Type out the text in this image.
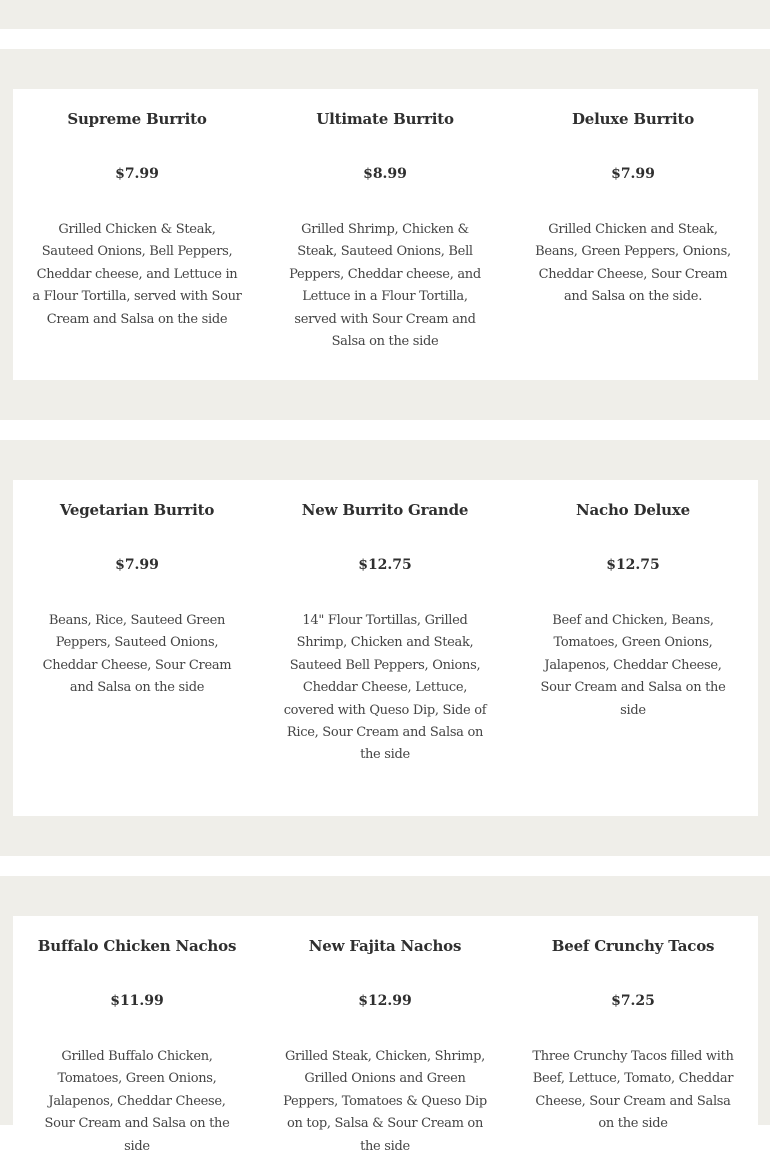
Supreme Burrito
$7.99
Grilled Chicken & Steak, Sauteed Onions, Bell Peppers, Cheddar cheese, and Lettuce in a Flour Tortilla, served with Sour Cream and Salsa on the side
Ultimate Burrito
$8.99
Grilled Shrimp, Chicken & Steak, Sauteed Onions, Bell Peppers, Cheddar cheese, and Lettuce in a Flour Tortilla, served with Sour Cream and Salsa on the side
Deluxe Burrito
$7.99
Grilled Chicken and Steak, Beans, Green Peppers, Onions, Cheddar Cheese, Sour Cream and Salsa on the side.
Vegetarian Burrito
$7.99
Beans, Rice, Sauteed Green Peppers, Sauteed Onions, Cheddar Cheese, Sour Cream and Salsa on the side
New Burrito Grande
$12.75
14" Flour Tortillas, Grilled Shrimp, Chicken and Steak, Sauteed Bell Peppers, Onions, Cheddar Cheese, Lettuce, covered with Queso Dip, Side of Rice, Sour Cream and Salsa on the side
Nacho Deluxe
$12.75
Beef and Chicken, Beans, Tomatoes, Green Onions, Jalapenos, Cheddar Cheese, Sour Cream and Salsa on the side
Buffalo Chicken Nachos
$11.99
Grilled Buffalo Chicken, Tomatoes, Green Onions, Jalapenos, Cheddar Cheese, Sour Cream and Salsa on the side
New Fajita Nachos
$12.99
Grilled Steak, Chicken, Shrimp, Grilled Onions and Green Peppers, Tomatoes & Queso Dip on top, Salsa & Sour Cream on the side
Beef Crunchy Tacos
$7.25
Three Crunchy Tacos filled with Beef, Lettuce, Tomato, Cheddar Cheese, Sour Cream and Salsa on the side
